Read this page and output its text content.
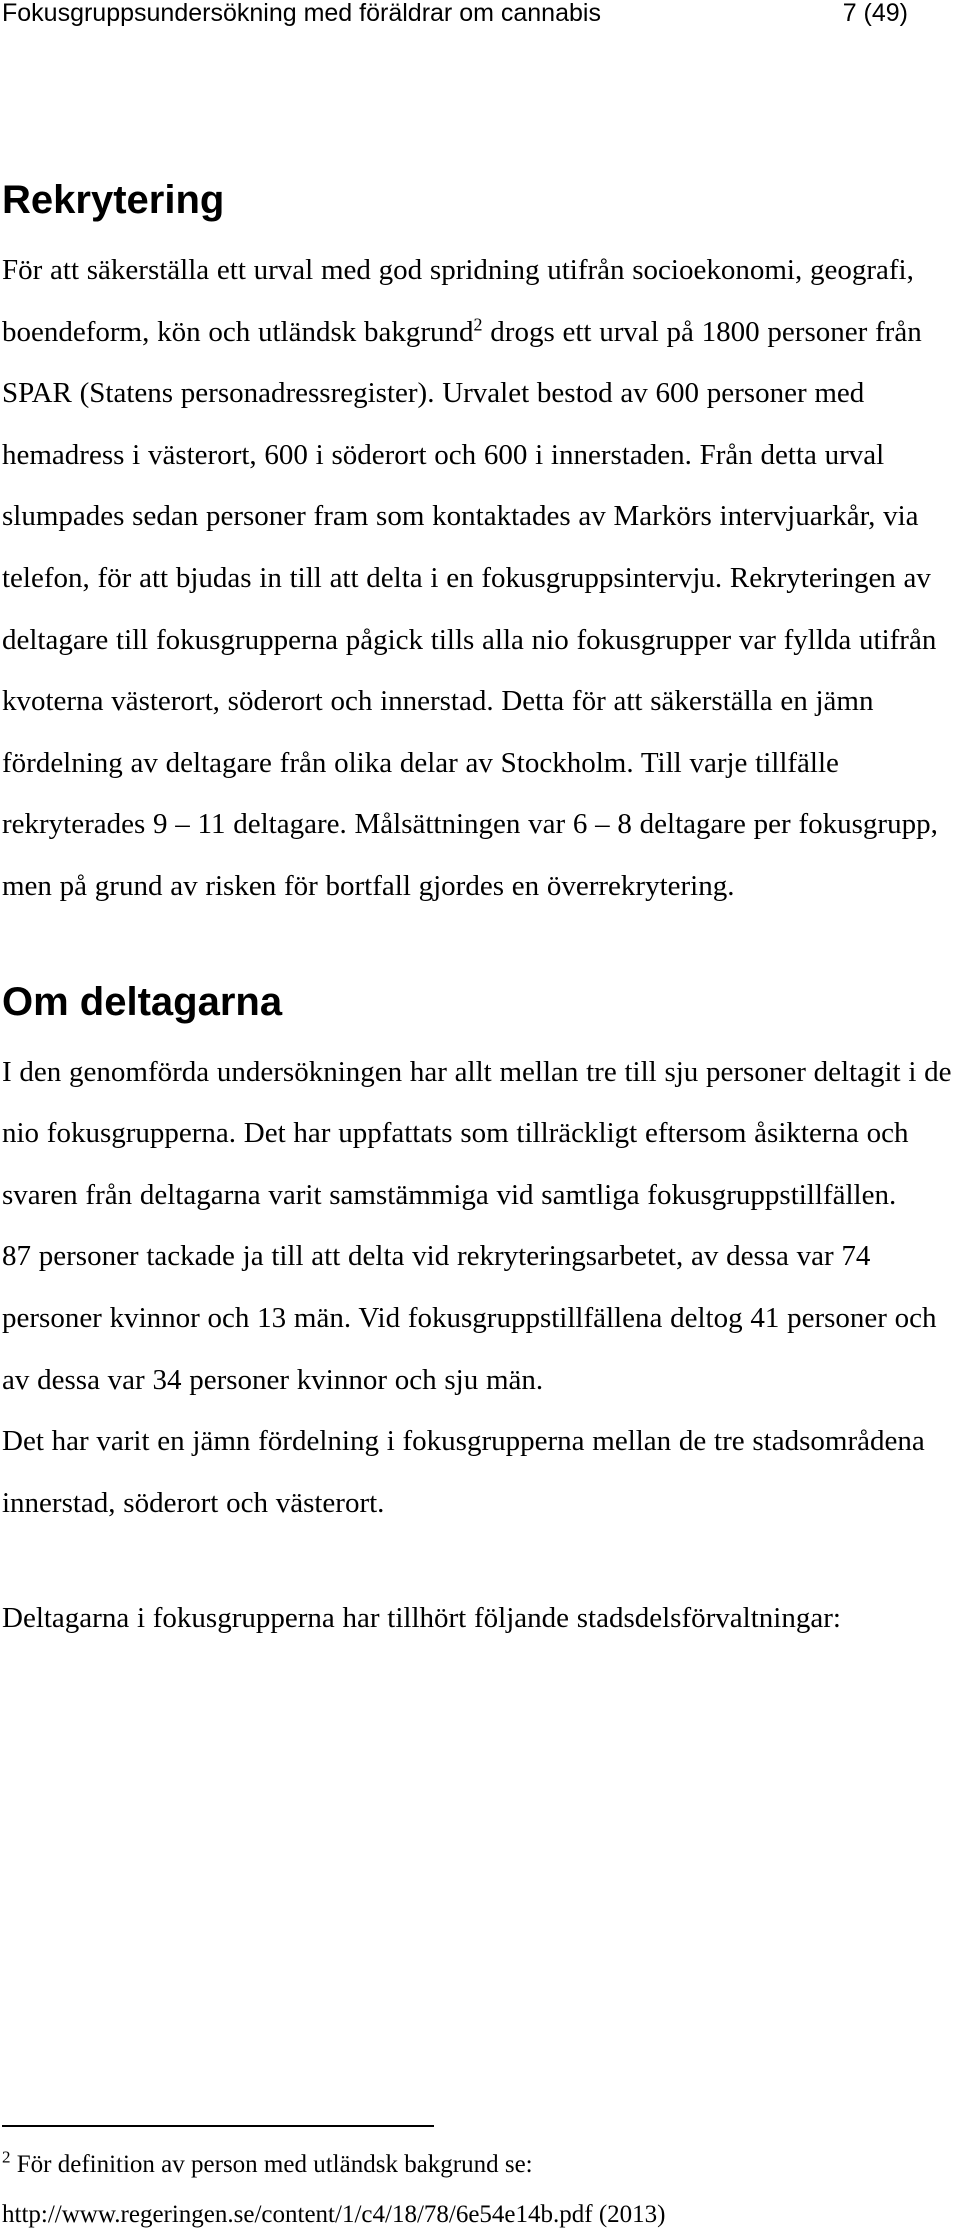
Fokusgruppsundersökning med föräldrar om cannabis	7 (49)
Rekrytering

För att säkerställa ett urval med god spridning utifrån socioekonomi, geografi, boendeform, kön och utländsk bakgrund$^2$ drogs ett urval på 1800 personer från SPAR (Statens personadressregister). Urvalet bestod av 600 personer med hemadress i västerort, 600 i söderort och 600 i innerstaden. Från detta urval slumpades sedan personer fram som kontaktades av Markörs intervjuarkår, via telefon, för att bjudas in till att delta i en fokusgruppsintervju. Rekryteringen av deltagare till fokusgrupperna pågick tills alla nio fokusgrupper var fyllda utifrån kvoterna västerort, söderort och innerstad. Detta för att säkerställa en jämn fördelning av deltagare från olika delar av Stockholm. Till varje tillfälle rekryterades 9 – 11 deltagare. Målsättningen var 6 – 8 deltagare per fokusgrupp, men på grund av risken för bortfall gjordes en överrekrytering.

Om deltagarna

I den genomförda undersökningen har allt mellan tre till sju personer deltagit i de nio fokusgrupperna. Det har uppfattats som tillräckligt eftersom åsikterna och svaren från deltagarna varit samstämmiga vid samtliga fokusgruppstillfällen.

87 personer tackade ja till att delta vid rekryteringsarbetet, av dessa var 74 personer kvinnor och 13 män. Vid fokusgruppstillfällena deltog 41 personer och av dessa var 34 personer kvinnor och sju män.

Det har varit en jämn fördelning i fokusgrupperna mellan de tre stadsområdena innerstad, söderort och västerort.

Deltagarna i fokusgrupperna har tillhört följande stadsdelsförvaltningar:

$^2$ För definition av person med utländsk bakgrund se:
http://www.regeringen.se/content/1/c4/18/78/6e54e14b.pdf (2013)
